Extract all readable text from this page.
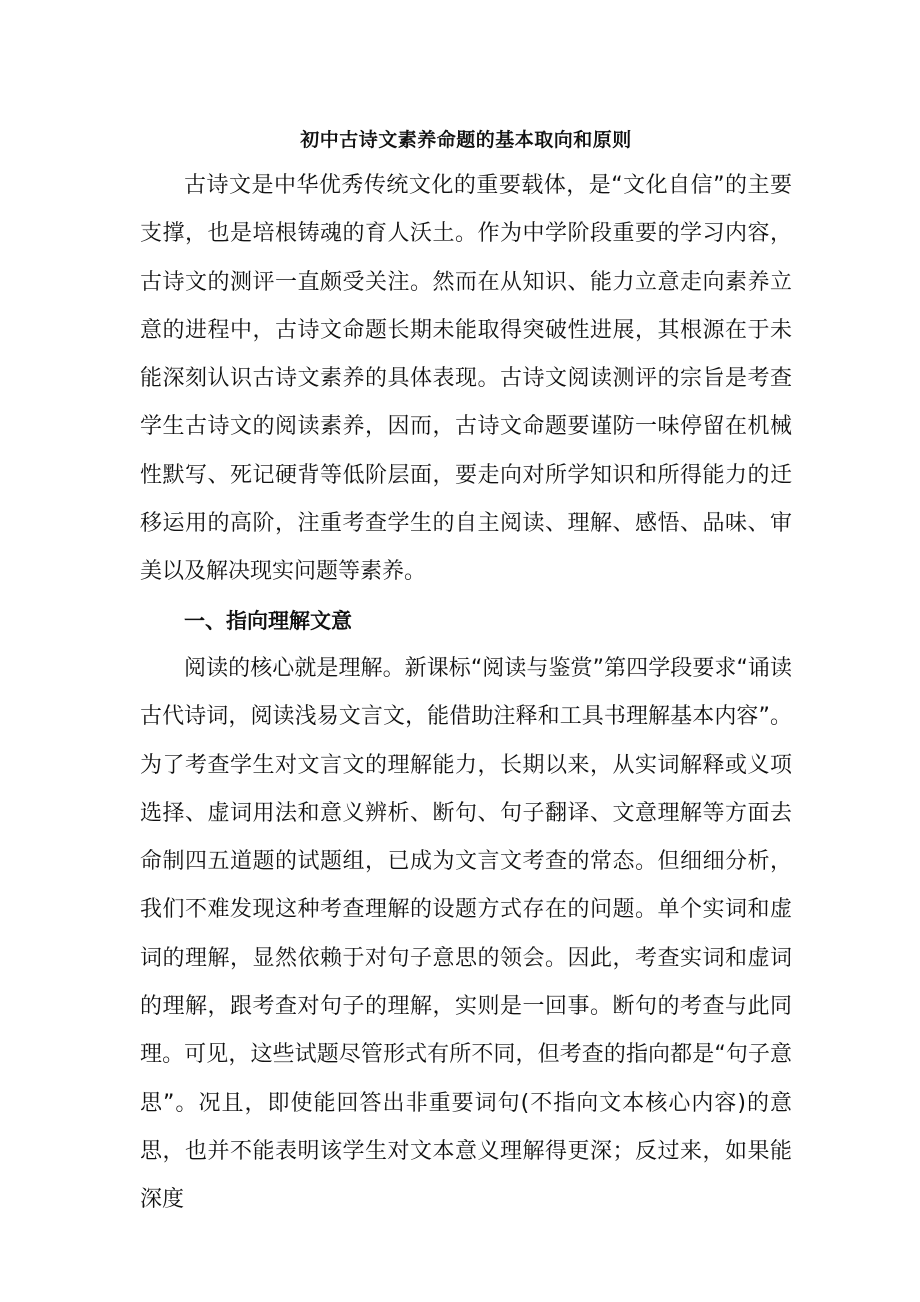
初中古诗文素养命题的基本取向和原则

古诗文是中华优秀传统文化的重要载体，是“文化自信”的主要支撑，也是培根铸魂的育人沃土。作为中学阶段重要的学习内容，古诗文的测评一直颇受关注。然而在从知识、能力立意走向素养立意的进程中，古诗文命题长期未能取得突破性进展，其根源在于未能深刻认识古诗文素养的具体表现。古诗文阅读测评的宗旨是考查学生古诗文的阅读素养，因而，古诗文命题要谨防一味停留在机械性默写、死记硬背等低阶层面，要走向对所学知识和所得能力的迁移运用的高阶，注重考查学生的自主阅读、理解、感悟、品味、审美以及解决现实问题等素养。

一、指向理解文意

阅读的核心就是理解。新课标“阅读与鉴赏”第四学段要求“诵读古代诗词，阅读浅易文言文，能借助注释和工具书理解基本内容”。为了考查学生对文言文的理解能力，长期以来，从实词解释或义项选择、虚词用法和意义辨析、断句、句子翻译、文意理解等方面去命制四五道题的试题组，已成为文言文考查的常态。但细细分析，我们不难发现这种考查理解的设题方式存在的问题。单个实词和虚词的理解，显然依赖于对句子意思的领会。因此，考查实词和虚词的理解，跟考查对句子的理解，实则是一回事。断句的考查与此同理。可见，这些试题尽管形式有所不同，但考查的指向都是“句子意思”。况且，即使能回答出非重要词句(不指向文本核心内容)的意思，也并不能表明该学生对文本意义理解得更深；反过来，如果能深度
